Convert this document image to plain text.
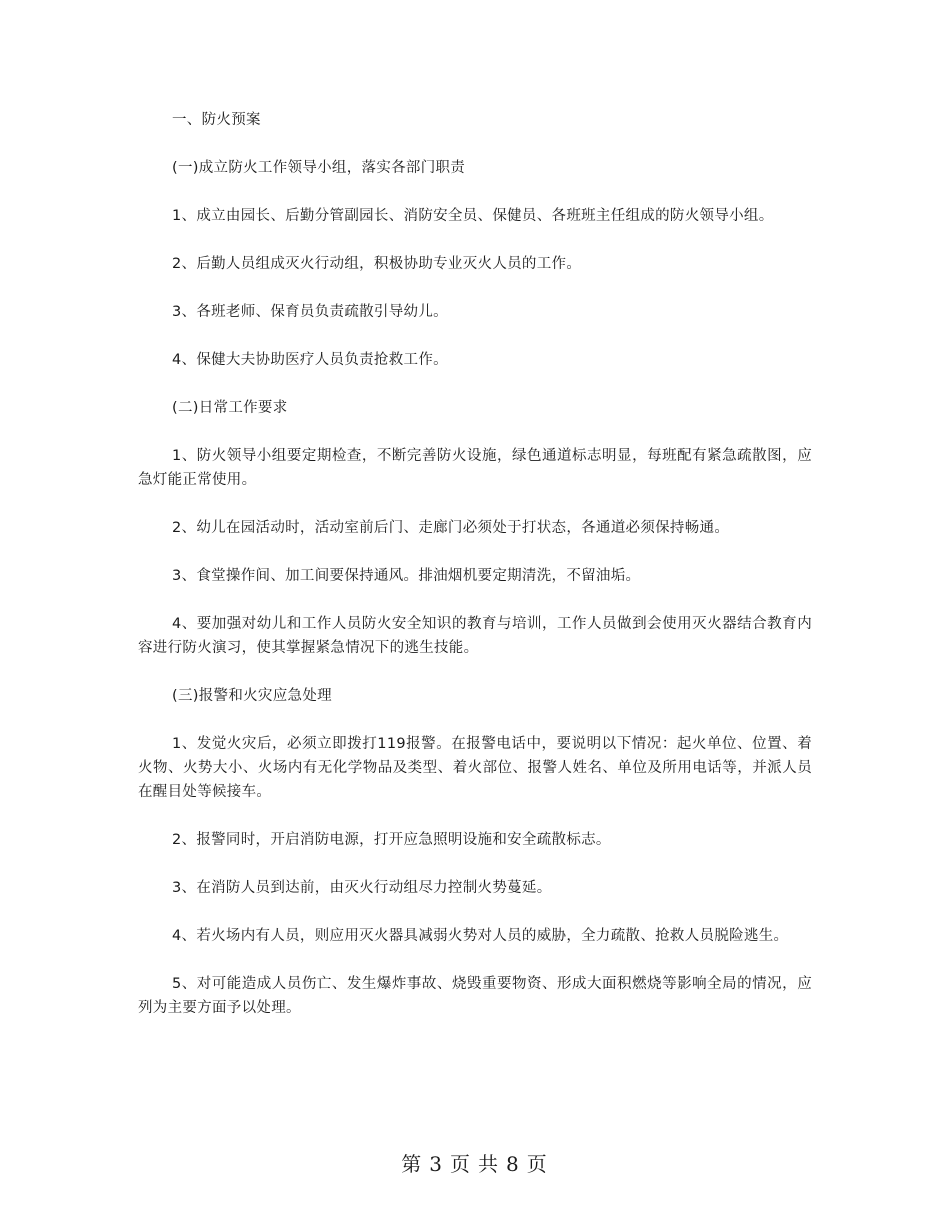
一、防火预案

(一)成立防火工作领导小组，落实各部门职责

1、成立由园长、后勤分管副园长、消防安全员、保健员、各班班主任组成的防火领导小组。

2、后勤人员组成灭火行动组，积极协助专业灭火人员的工作。

3、各班老师、保育员负责疏散引导幼儿。

4、保健大夫协助医疗人员负责抢救工作。

(二)日常工作要求

1、防火领导小组要定期检查，不断完善防火设施，绿色通道标志明显，每班配有紧急疏散图，应急灯能正常使用。

2、幼儿在园活动时，活动室前后门、走廊门必须处于打状态，各通道必须保持畅通。

3、食堂操作间、加工间要保持通风。排油烟机要定期清洗，不留油垢。

4、要加强对幼儿和工作人员防火安全知识的教育与培训，工作人员做到会使用灭火器结合教育内容进行防火演习，使其掌握紧急情况下的逃生技能。

(三)报警和火灾应急处理

1、发觉火灾后，必须立即拨打119报警。在报警电话中，要说明以下情况：起火单位、位置、着火物、火势大小、火场内有无化学物品及类型、着火部位、报警人姓名、单位及所用电话等，并派人员在醒目处等候接车。

2、报警同时，开启消防电源，打开应急照明设施和安全疏散标志。

3、在消防人员到达前，由灭火行动组尽力控制火势蔓延。

4、若火场内有人员，则应用灭火器具减弱火势对人员的威胁，全力疏散、抢救人员脱险逃生。

5、对可能造成人员伤亡、发生爆炸事故、烧毁重要物资、形成大面积燃烧等影响全局的情况，应列为主要方面予以处理。

第 3 页 共 8 页
